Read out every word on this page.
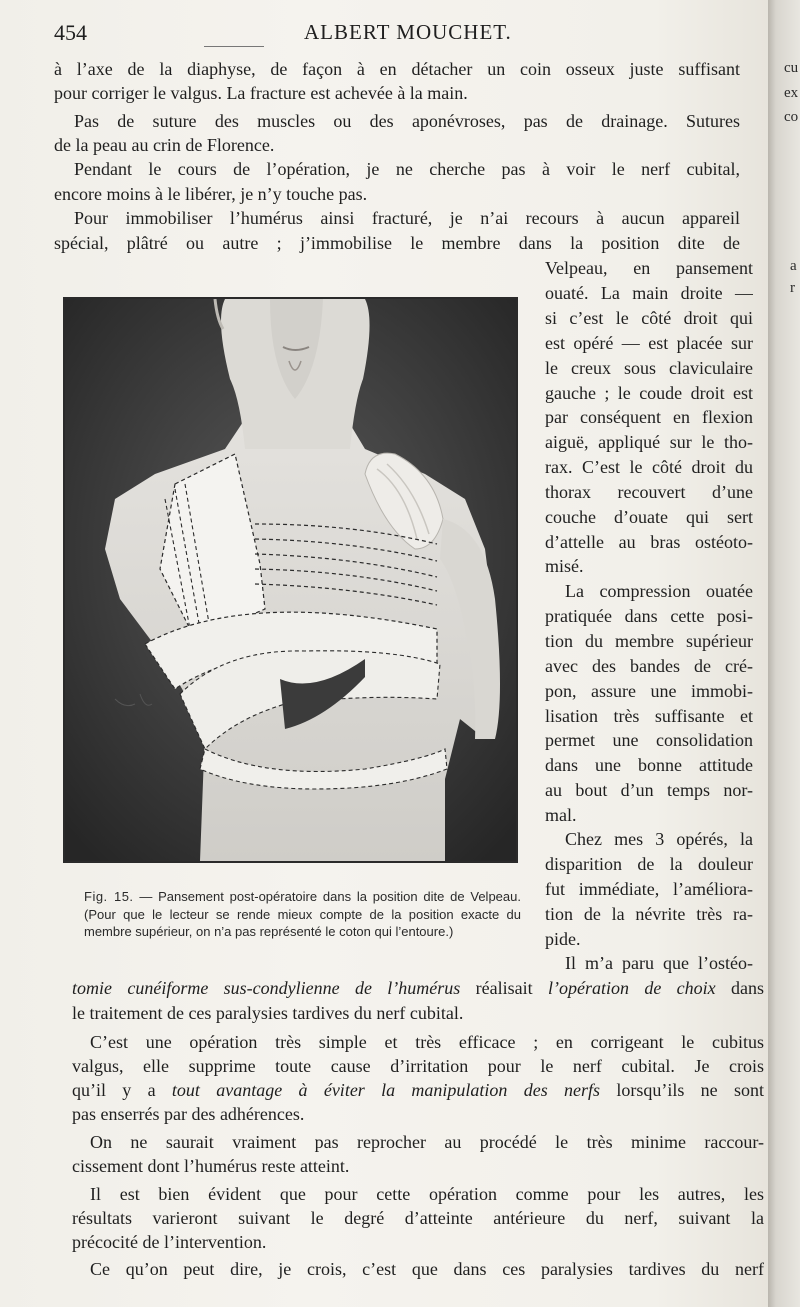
454	ALBERT MOUCHET.
à l’axe de la diaphyse, de façon à en détacher un coin osseux juste suffisant
pour corriger le valgus. La fracture est achevée à la main.
Pas de suture des muscles ou des aponévroses, pas de drainage. Sutures
de la peau au crin de Florence.
Pendant le cours de l’opération, je ne cherche pas à voir le nerf cubital,
encore moins à le libérer, je n’y touche pas.
Pour immobiliser l’humérus ainsi fracturé, je n’ai recours à aucun appareil
spécial, plâtré ou autre ; j’immobilise le membre dans la position dite de
Velpeau, en pansement
ouaté. La main droite —
si c’est le côté droit qui
est opéré — est placée sur
le creux sous claviculaire
gauche ; le coude droit est
par conséquent en flexion
aiguë, appliqué sur le tho-
rax. C’est le côté droit du
thorax recouvert d’une
couche d’ouate qui sert
d’attelle au bras ostéoto-
misé.
La compression ouatée
pratiquée dans cette posi-
tion du membre supérieur
avec des bandes de cré-
pon, assure une immobi-
lisation très suffisante et
permet une consolidation
dans une bonne attitude
au bout d’un temps nor-
mal.
Chez mes 3 opérés, la
disparition de la douleur
fut immédiate, l’améliora-
tion de la névrite très ra-
pide.
Il m’a paru que l’ostéo-

Fig. 15. — Pansement post-opératoire dans la position dite de Velpeau. (Pour que le lecteur se rende mieux compte de la position exacte du membre supérieur, on n’a pas représenté le coton qui l’entoure.)

tomie cunéiforme sus-condylienne de l’humérus réalisait l’opération de choix dans
le traitement de ces paralysies tardives du nerf cubital.
C’est une opération très simple et très efficace ; en corrigeant le cubitus
valgus, elle supprime toute cause d’irritation pour le nerf cubital. Je crois
qu’il y a tout avantage à éviter la manipulation des nerfs lorsqu’ils ne sont
pas enserrés par des adhérences.
On ne saurait vraiment pas reprocher au procédé le très minime raccour-
cissement dont l’humérus reste atteint.
Il est bien évident que pour cette opération comme pour les autres, les
résultats varieront suivant le degré d’atteinte antérieure du nerf, suivant la
précocité de l’intervention.
Ce qu’on peut dire, je crois, c’est que dans ces paralysies tardives du nerf
cu
ex
co
a
r
